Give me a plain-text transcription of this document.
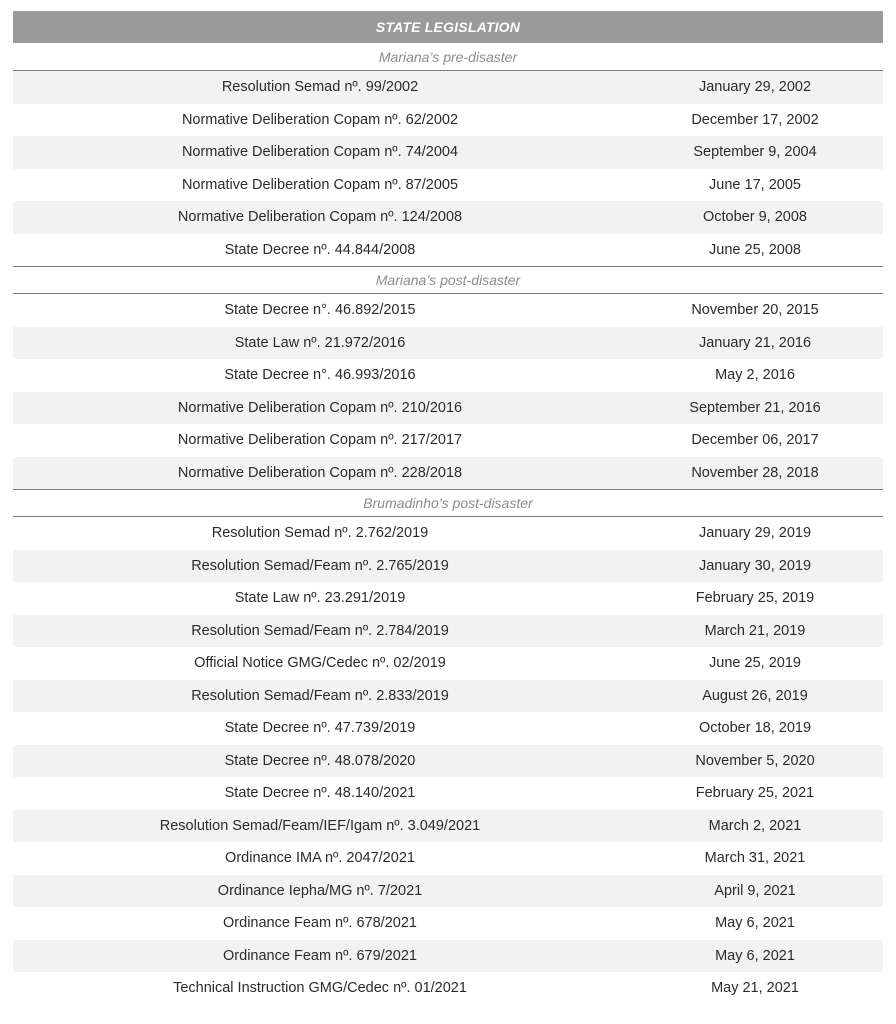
STATE LEGISLATION
Mariana’s pre-disaster
Resolution Semad nº. 99/2002	January 29, 2002
Normative Deliberation Copam nº. 62/2002	December 17, 2002
Normative Deliberation Copam nº. 74/2004	September 9, 2004
Normative Deliberation Copam nº. 87/2005	June 17, 2005
Normative Deliberation Copam nº. 124/2008	October 9, 2008
State Decree nº. 44.844/2008	June 25, 2008
Mariana’s post-disaster
State Decree n°. 46.892/2015	November 20, 2015
State Law nº. 21.972/2016	January 21, 2016
State Decree n°. 46.993/2016	May 2, 2016
Normative Deliberation Copam nº. 210/2016	September 21, 2016
Normative Deliberation Copam nº. 217/2017	December 06, 2017
Normative Deliberation Copam nº. 228/2018	November 28, 2018
Brumadinho’s post-disaster
Resolution Semad nº. 2.762/2019	January 29, 2019
Resolution Semad/Feam nº. 2.765/2019	January 30, 2019
State Law nº. 23.291/2019	February 25, 2019
Resolution Semad/Feam nº. 2.784/2019	March 21, 2019
Official Notice GMG/Cedec nº. 02/2019	June 25, 2019
Resolution Semad/Feam nº. 2.833/2019	August 26, 2019
State Decree nº. 47.739/2019	October 18, 2019
State Decree nº. 48.078/2020	November 5, 2020
State Decree nº. 48.140/2021	February 25, 2021
Resolution Semad/Feam/IEF/Igam nº. 3.049/2021	March 2, 2021
Ordinance IMA nº. 2047/2021	March 31, 2021
Ordinance Iepha/MG nº. 7/2021	April 9, 2021
Ordinance Feam nº. 678/2021	May 6, 2021
Ordinance Feam nº. 679/2021	May 6, 2021
Technical Instruction GMG/Cedec nº. 01/2021	May 21, 2021
